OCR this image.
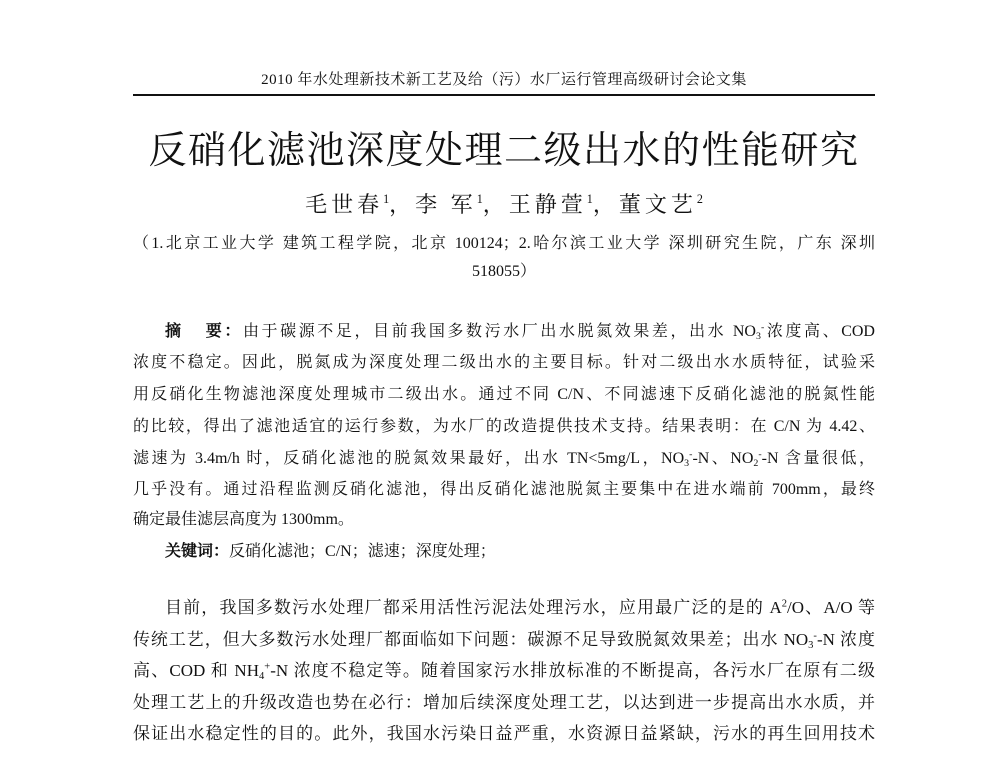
2010 年水处理新技术新工艺及给（污）水厂运行管理高级研讨会论文集
反硝化滤池深度处理二级出水的性能研究
毛世春$^1$，李 军$^1$，王静萱$^1$，董文艺$^2$
（1.北京工业大学 建筑工程学院，北京 100124；2.哈尔滨工业大学 深圳研究生院，广东 深圳
518055）
摘 要：由于碳源不足，目前我国多数污水厂出水脱氮效果差，出水 $NO_3^-$浓度高、COD
浓度不稳定。因此，脱氮成为深度处理二级出水的主要目标。针对二级出水水质特征，试验采
用反硝化生物滤池深度处理城市二级出水。通过不同 C/N、不同滤速下反硝化滤池的脱氮性能
的比较，得出了滤池适宜的运行参数，为水厂的改造提供技术支持。结果表明：在 C/N 为 4.42、
滤速为 3.4m/h 时，反硝化滤池的脱氮效果最好，出水 TN<5mg/L，$NO_3^--N$、$NO_2^--N$ 含量很低，
几乎没有。通过沿程监测反硝化滤池，得出反硝化滤池脱氮主要集中在进水端前 700mm，最终
确定最佳滤层高度为 1300mm。
关键词：反硝化滤池；C/N；滤速；深度处理；
目前，我国多数污水处理厂都采用活性污泥法处理污水，应用最广泛的是的 $A^2/O$、A/O 等
传统工艺，但大多数污水处理厂都面临如下问题：碳源不足导致脱氮效果差；出水 $NO_3^--N$ 浓度
高、COD 和 $NH_4^+-N$ 浓度不稳定等。随着国家污水排放标准的不断提高，各污水厂在原有二级
处理工艺上的升级改造也势在必行：增加后续深度处理工艺，以达到进一步提高出水水质，并
保证出水稳定性的目的。此外，我国水污染日益严重，水资源日益紧缺，污水的再生回用技术
